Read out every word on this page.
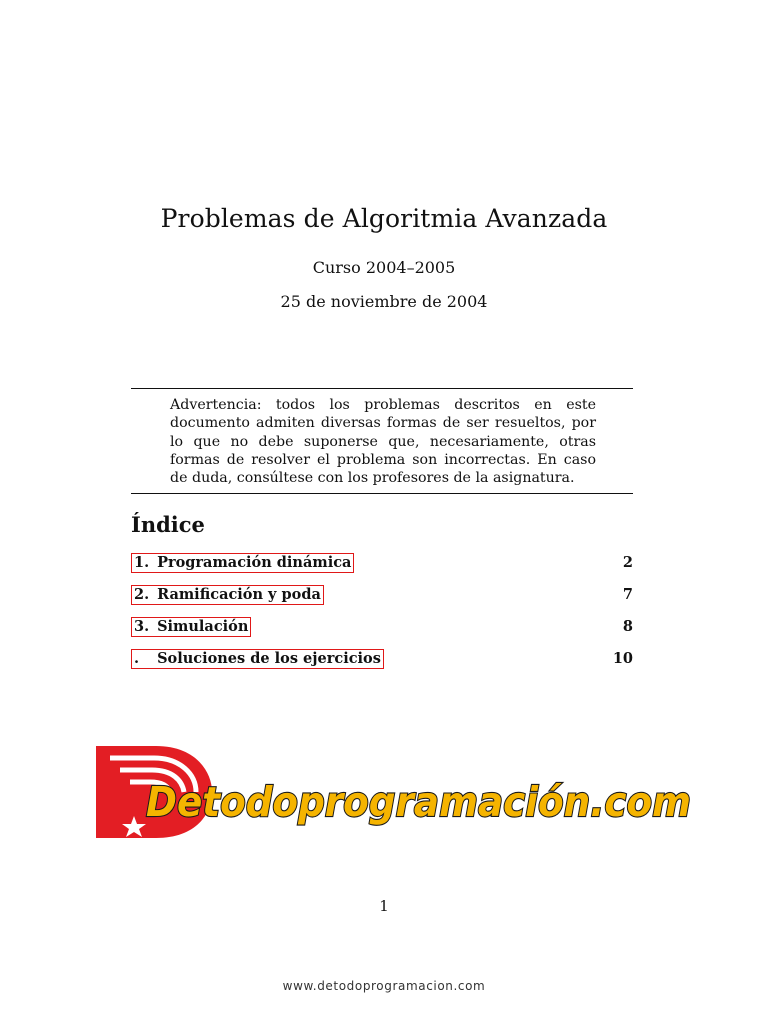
Problemas de Algoritmia Avanzada
Curso 2004–2005
25 de noviembre de 2004
Advertencia: todos los problemas descritos en este documento admiten diversas formas de ser resueltos, por lo que no debe suponerse que, necesariamente, otras formas de resolver el problema son incorrectas. En caso de duda, consúltese con los profesores de la asignatura.
Índice
1. Programación dinámica	2
2. Ramificación y poda	7
3. Simulación	8
. Soluciones de los ejercicios	10
Detodoprogramación.com
1
www.detodoprogramacion.com
